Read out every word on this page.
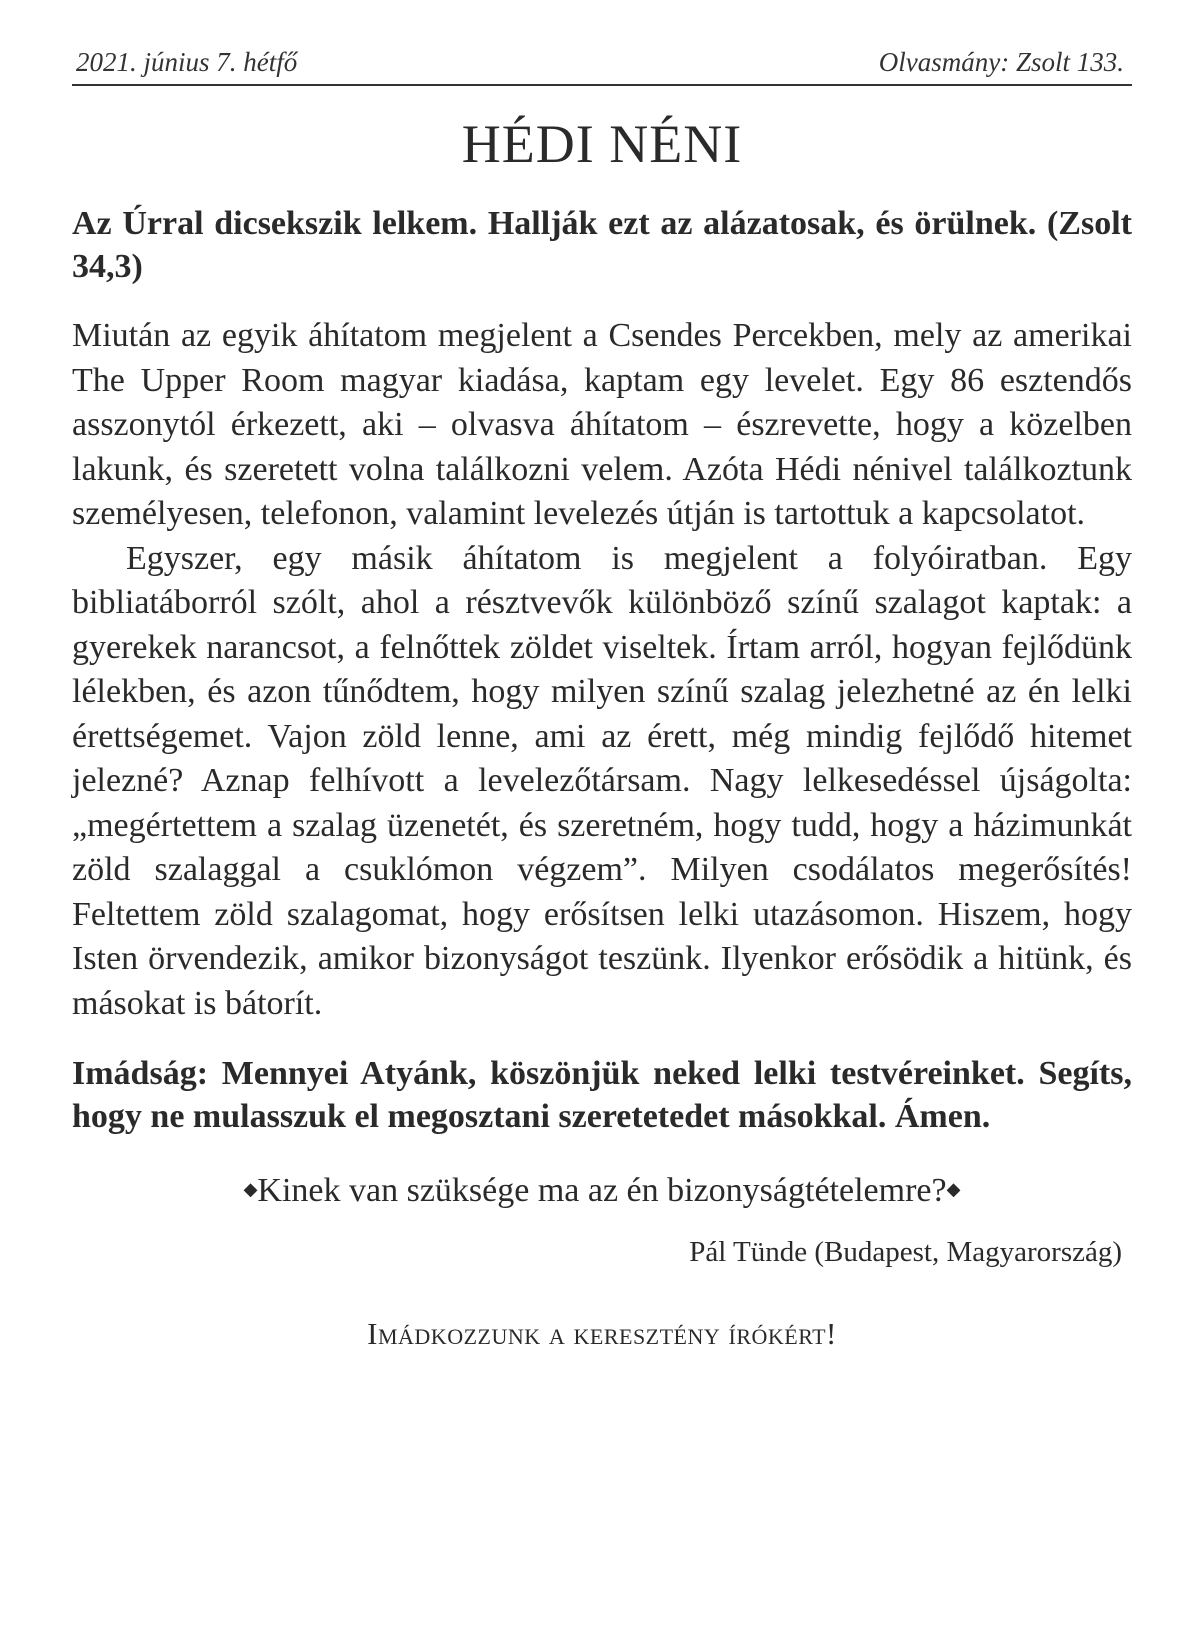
2021. június 7. hétfő	Olvasmány: Zsolt 133.
HÉDI NÉNI
Az Úrral dicsekszik lelkem. Hallják ezt az alázatosak, és örülnek. (Zsolt 34,3)

Miután az egyik áhítatom megjelent a Csendes Percekben, mely az amerikai The Upper Room magyar kiadása, kaptam egy levelet. Egy 86 esztendős asszonytól érkezett, aki – olvasva áhítatom – észrevette, hogy a közelben lakunk, és szeretett volna találkozni velem. Azóta Hédi nénivel találkoztunk személyesen, telefonon, valamint levelezés útján is tartottuk a kapcsolatot.

Egyszer, egy másik áhítatom is megjelent a folyóiratban. Egy bibliatáborról szólt, ahol a résztvevők különböző színű szalagot kaptak: a gyerekek narancsot, a felnőttek zöldet viseltek. Írtam arról, hogyan fejlődünk lélekben, és azon tűnődtem, hogy milyen színű szalag jelezhetné az én lelki érettségemet. Vajon zöld lenne, ami az érett, még mindig fejlődő hitemet jelezné? Aznap felhívott a levelezőtársam. Nagy lelkesedéssel újságolta: „megértettem a szalag üzenetét, és szeretném, hogy tudd, hogy a házimunkát zöld szalaggal a csuklómon végzem”. Milyen csodálatos megerősítés! Feltettem zöld szalagomat, hogy erősítsen lelki utazásomon. Hiszem, hogy Isten örvendezik, amikor bizonyságot teszünk. Ilyenkor erősödik a hitünk, és másokat is bátorít.

Imádság: Mennyei Atyánk, köszönjük neked lelki testvéreinket. Segíts, hogy ne mulasszuk el megosztani szeretetedet másokkal. Ámen.
◆Kinek van szüksége ma az én bizonyságtételemre?◆
Pál Tünde (Budapest, Magyarország)
Imádkozzunk a keresztény írókért!
